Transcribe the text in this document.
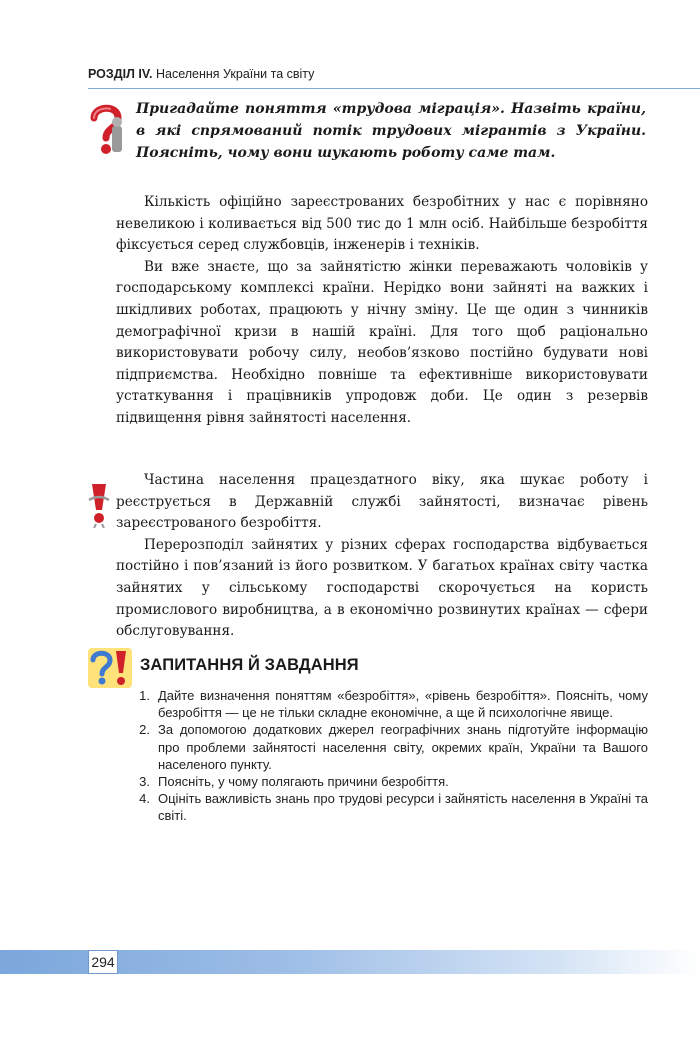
РОЗДІЛ IV. Населення України та світу
Пригадайте поняття «трудова міграція». Назвіть країни, в які спрямований потік трудових мігрантів з України. Поясніть, чому вони шукають роботу саме там.

Кількість офіційно зареєстрованих безробітних у нас є порівняно невеликою і коливається від 500 тис до 1 млн осіб. Найбільше безробіття фіксується серед службовців, інженерів і техніків.

Ви вже знаєте, що за зайнятістю жінки переважають чоловіків у господарському комплексі країни. Нерідко вони зайняті на важких і шкідливих роботах, працюють у нічну зміну. Це ще один з чинників демографічної кризи в нашій країні. Для того щоб раціонально використовувати робочу силу, необов’язково постійно будувати нові підприємства. Необхідно повніше та ефективніше використовувати устаткування і працівників упродовж доби. Це один з резервів підвищення рівня зайнятості населення.

Частина населення працездатного віку, яка шукає роботу і реєструється в Державній службі зайнятості, визначає рівень зареєстрованого безробіття.

Перерозподіл зайнятих у різних сферах господарства відбувається постійно і пов’язаний із його розвитком. У багатьох країнах світу частка зайнятих у сільському господарстві скорочується на користь промислового виробництва, а в економічно розвинутих країнах — сфери обслуговування.

ЗАПИТАННЯ Й ЗАВДАННЯ
1. Дайте визначення поняттям «безробіття», «рівень безробіття». Поясніть, чому безробіття — це не тільки складне економічне, а ще й психологічне явище.
2. За допомогою додаткових джерел географічних знань підготуйте інформацію про проблеми зайнятості населення світу, окремих країн, України та Вашого населеного пункту.
3. Поясніть, у чому полягають причини безробіття.
4. Оцініть важливість знань про трудові ресурси і зайнятість населення в Україні та світі.
294
